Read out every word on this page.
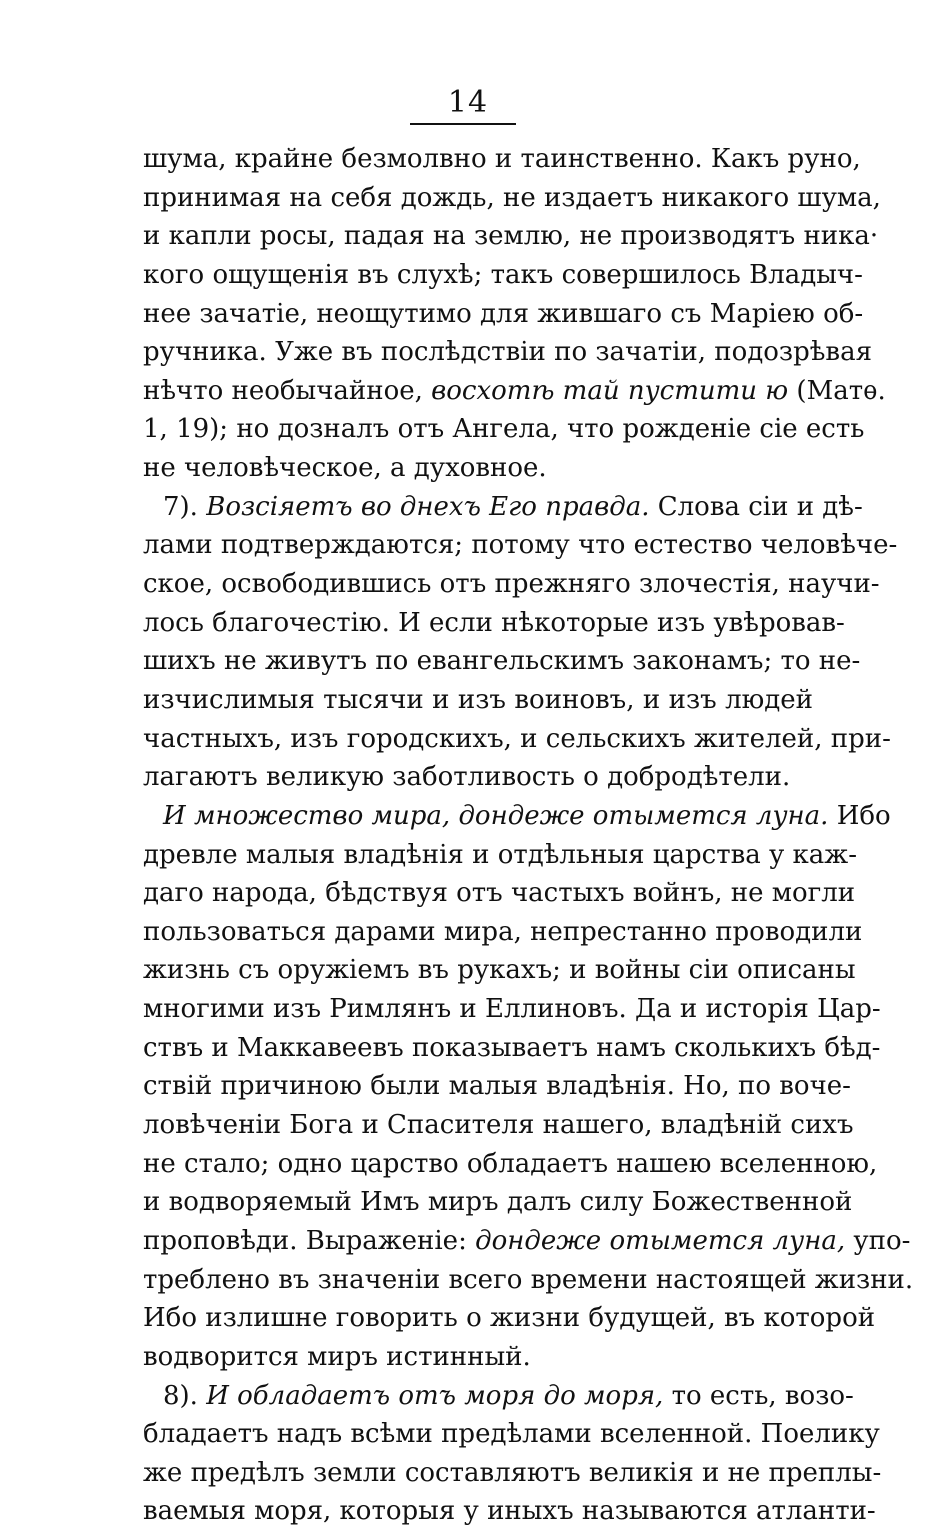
14
шума, крайне безмолвно и таинственно. Какъ руно,
принимая на себя дождь, не издаетъ никакого шума,
и капли росы, падая на землю, не производятъ ника·
кого ощущенія въ слухѣ; такъ совершилось Владыч-
нее зачатіе, неощутимо для жившаго съ Маріею об-
ручника. Уже въ послѣдствіи по зачатіи, подозрѣвая
нѣчто необычайное, восхотѣ тай пустити ю (Матѳ.
1, 19); но дозналъ отъ Ангела, что рожденіе сіе есть
не человѣческое, а духовное.
7). Возсіяетъ во днехъ Его правда. Слова сіи и дѣ-
лами подтверждаются; потому что естество человѣче-
ское, освободившись отъ прежняго злочестія, научи-
лось благочестію. И если нѣкоторые изъ увѣровав-
шихъ не живутъ по евангельскимъ законамъ; то не-
изчислимыя тысячи и изъ воиновъ, и изъ людей
частныхъ, изъ городскихъ, и сельскихъ жителей, при-
лагаютъ великую заботливость о добродѣтели.
И множество мира, дондеже отымется луна. Ибо
древле малыя владѣнія и отдѣльныя царства у каж-
даго народа, бѣдствуя отъ частыхъ войнъ, не могли
пользоваться дарами мира, непрестанно проводили
жизнь съ оружіемъ въ рукахъ; и войны сіи описаны
многими изъ Римлянъ и Еллиновъ. Да и исторія Цар-
ствъ и Маккавеевъ показываетъ намъ сколькихъ бѣд-
ствій причиною были малыя владѣнія. Но, по воче-
ловѣченіи Бога и Спасителя нашего, владѣній сихъ
не стало; одно царство обладаетъ нашею вселенною,
и водворяемый Имъ миръ далъ силу Божественной
проповѣди. Выраженіе: дондеже отымется луна, упо-
треблено въ значеніи всего времени настоящей жизни.
Ибо излишне говорить о жизни будущей, въ которой
водворится миръ истинный.
8). И обладаетъ отъ моря до моря, то есть, возо-
бладаетъ надъ всѣми предѣлами вселенной. Поелику
же предѣлъ земли составляютъ великія и не преплы-
ваемыя моря, которыя у иныхъ называются атланти-
